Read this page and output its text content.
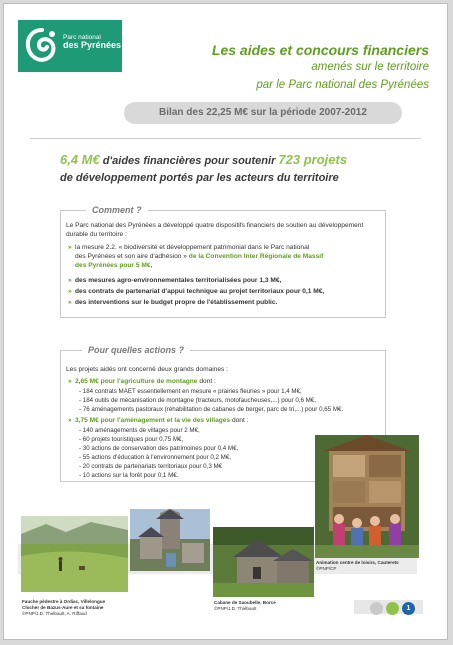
Parc national
des Pyrénées	Les aides et concours financiers
amenés sur le territoire
par le Parc national des Pyrénées
Bilan des 22,25 M€ sur la période 2007-2012
6,4 M€ d'aides financières pour soutenir 723 projets
de développement portés par les acteurs du territoire
Comment ?
Le Parc national des Pyrénées a développé quatre dispositifs financiers de soutien au développement durable du territoire :
» la mesure 2.2. « biodiversité et développement patrimonial dans le Parc national
des Pyrénées et son aire d'adhésion » de la Convention Inter Régionale de Massif
des Pyrénées pour 5 M€,
» des mesures agro-environnementales territorialisées pour 1,3 M€,
» des contrats de partenariat d'appui technique au projet territoriaux pour 0,1 M€,
» des interventions sur le budget propre de l'établissement public.
Pour quelles actions ?
Les projets aidés ont concerné deux grands domaines :
» 2,65 M€ pour l'agriculture de montagne dont :
- 184 contrats MAET essentiellement en mesure « prairies fleuries » pour 1,4 M€,
- 184 outils de mécanisation de montagne (tracteurs, motofaucheuses,...) pour 0,6 M€,
- 76 aménagements pastoraux (réhabilitation de cabanes de berger, parc de tri,...) pour 0,65 M€.
» 3,75 M€ pour l'aménagement et la vie des villages dont :
- 140 aménagements de villages pour 2 M€,
- 60 projets touristiques pour 0,75 M€,
- 30 actions de conservation des patrimoines pour 0,4 M€,
- 55 actions d'éducation à l'environnement pour 0,2 M€,
- 20 contrats de partenariats territoriaux pour 0,3 M€
- 10 actions sur la forêt pour 0,1 M€.
Fauche pédestre à Ordiac, Villelongue
Clocher de Bazus-Aure et sa fontaine
©PNP/J.D. Thiébault, A. Riffaud
Cabane de Saoubelle, Borce
©PNP/J.D. Thiébault
Animation centre de loisirs, Cauterets
©PNP/CP
1
